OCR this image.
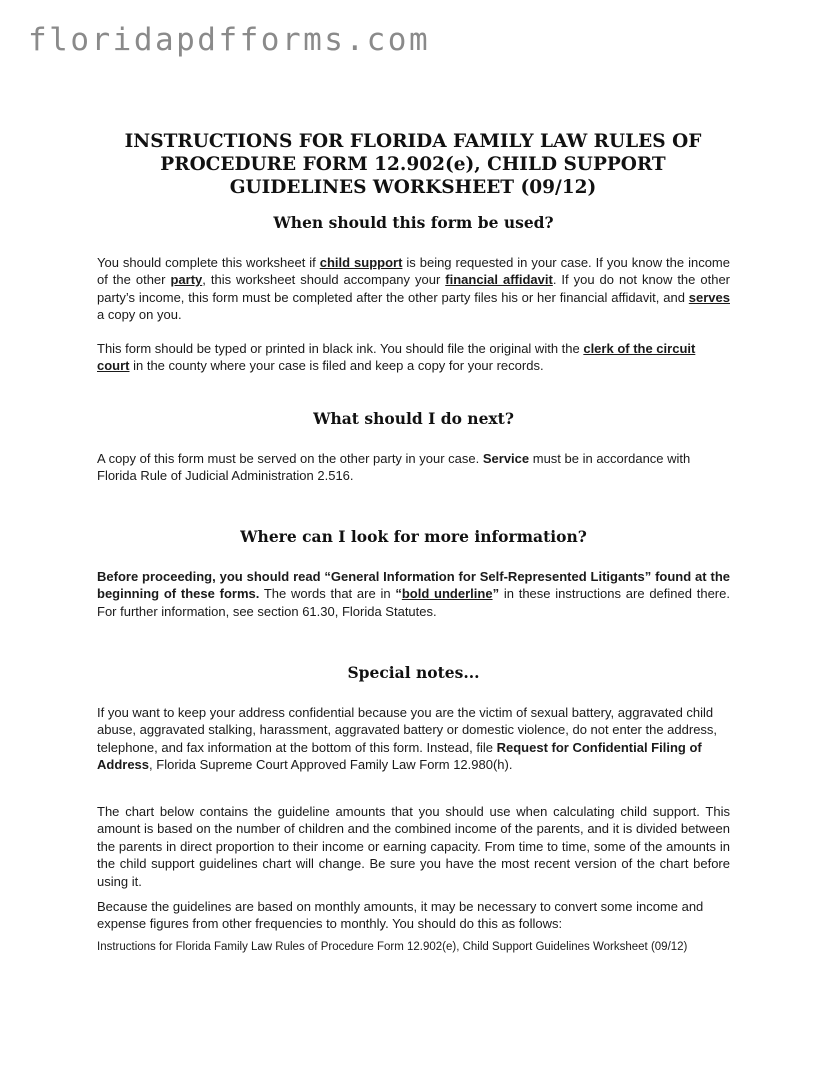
floridapdfforms.com
INSTRUCTIONS FOR FLORIDA FAMILY LAW RULES OF PROCEDURE FORM 12.902(e), CHILD SUPPORT GUIDELINES WORKSHEET (09/12)
When should this form be used?

You should complete this worksheet if child support is being requested in your case. If you know the income of the other party, this worksheet should accompany your financial affidavit. If you do not know the other party’s income, this form must be completed after the other party files his or her financial affidavit, and serves a copy on you.

This form should be typed or printed in black ink. You should file the original with the clerk of the circuit court in the county where your case is filed and keep a copy for your records.

What should I do next?

A copy of this form must be served on the other party in your case. Service must be in accordance with Florida Rule of Judicial Administration 2.516.

Where can I look for more information?

Before proceeding, you should read “General Information for Self-Represented Litigants” found at the beginning of these forms. The words that are in “bold underline” in these instructions are defined there. For further information, see section 61.30, Florida Statutes.

Special notes...

If you want to keep your address confidential because you are the victim of sexual battery, aggravated child abuse, aggravated stalking, harassment, aggravated battery or domestic violence, do not enter the address, telephone, and fax information at the bottom of this form. Instead, file Request for Confidential Filing of Address, Florida Supreme Court Approved Family Law Form 12.980(h).

The chart below contains the guideline amounts that you should use when calculating child support. This amount is based on the number of children and the combined income of the parents, and it is divided between the parents in direct proportion to their income or earning capacity. From time to time, some of the amounts in the child support guidelines chart will change. Be sure you have the most recent version of the chart before using it.

Because the guidelines are based on monthly amounts, it may be necessary to convert some income and expense figures from other frequencies to monthly. You should do this as follows:

Instructions for Florida Family Law Rules of Procedure Form 12.902(e), Child Support Guidelines Worksheet (09/12)
